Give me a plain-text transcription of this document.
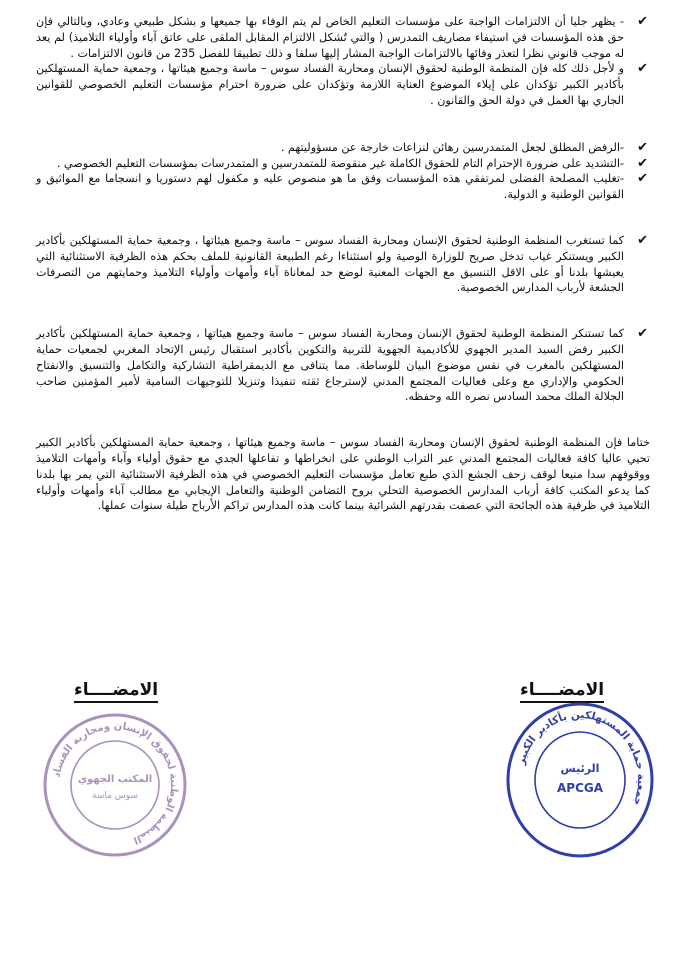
✔

- يظهر جليا أن الالتزامات الواجبة على مؤسسات التعليم الخاص لم يتم الوفاء بها جميعها و بشكل طبيعي وعادي، وبالتالي فإن حق هذه المؤسسات في استيفاء مصاريف التمدرس ( والتي تُشكل الالتزام المقابل الملقى على عاتق آباء وأولياء التلاميذ) لم يعد له موجب قانوني نظرا لتعذر وفائها بالالتزامات الواجبة المشار إليها سلفا و ذلك تطبيقا للفصل 235 من قانون الالتزامات .

✔

و لأجل ذلك كله فإن المنظمة الوطنية لحقوق الإنسان ومحاربة الفساد سوس – ماسة وجميع هيئاتها ، وجمعية حماية المستهلكين بأكادير الكبير تؤكدان على إيلاء الموضوع العناية اللازمة وتؤكدان على ضرورة احترام مؤسسات التعليم الخصوصي للقوانين الجاري بها العمل في دولة الحق والقانون .

✔

-الرفض المطلق لجعل المتمدرسين رهائن لنزاعات خارجة عن مسؤوليتهم .

✔

-التشديد على ضرورة الإحترام التام للحقوق الكاملة غير منقوصة للمتمدرسين و المتمدرسات بمؤسسات التعليم الخصوصي .

✔

-تغليب المصلحة الفضلى لمرتفقي هذه المؤسسات وفق ما هو منصوص عليه و مكفول لهم دستوريا و انسجاما مع المواثيق و القوانين الوطنية و الدولية.

✔

كما تستغرب المنظمة الوطنية لحقوق الإنسان ومحاربة الفساد سوس – ماسة وجميع هيئاتها ، وجمعية حماية المستهلكين بأكادير الكبير ويستنكر غياب تدخل صريح للوزارة الوصية ولو استثناءا رغم الطبيعة القانونية للملف بحكم هذه الظرفية الاستثنائية التي يعيشها بلدنا أو على الاقل التنسيق مع الجهات المعنية لوضع حد لمعاناة آباء وأمهات وأولياء التلاميذ وحمايتهم من التصرفات الجشعة لأرباب المدارس الخصوصية.

✔

كما تستنكر المنظمة الوطنية لحقوق الإنسان ومحاربة الفساد سوس – ماسة وجميع هيئاتها ، وجمعية حماية المستهلكين بأكادير الكبير رفض السيد المدير الجهوي للأكاديمية الجهوية للتربية والتكوين بأكادير استقبال رئيس الإتحاد المغربي لجمعيات حماية المستهلكين بالمغرب في نفس موضوع البيان للوساطة. مما يتنافى مع الديمقراطية التشاركية والتكامل والتنسيق والانفتاح الحكومي والإداري مع وعلى فعاليات المجتمع المدني لإسترجاع ثقته تنفيذا وتنزيلا للتوجيهات السامية لأمير المؤمنين صاحب الجلالة الملك محمد السادس نصره الله وحفظه.

ختاما فإن المنظمة الوطنية لحقوق الإنسان ومحاربة الفساد سوس – ماسة وجميع هيئاتها ، وجمعية حماية المستهلكين بأكادير الكبير تحيي عاليا كافة فعاليات المجتمع المدني عبر التراب الوطني على انخراطها و تفاعلها الجدي مع حقوق أولياء وآباء وأمهات التلاميذ ووقوفهم سدا منيعا لوقف زحف الجشع الذي طبع تعامل مؤسسات التعليم الخصوصي في هذه الظرفية الاستثنائية التي يمر بها بلدنا كما يدعو المكتب كافة أرباب المدارس الخصوصية التحلي بروح التضامن الوطنية والتعامل الإيجابي مع مطالب آباء وأمهات وأولياء التلاميذ في ظرفية هذه الجائحة التي عصفت بقدرتهم الشرائية بينما كانت هذه المدارس تراكم الأرباح طيلة سنوات عملها.

الامضــــاء	الامضــــاء
المنظمة الوطنية لحقوق الإنسان ومحاربة الفساد
المكتب الجهوي
سوس ماسة
جمعية حماية المستهلكين بأكادير الكبير
الرئيس
APCGA
